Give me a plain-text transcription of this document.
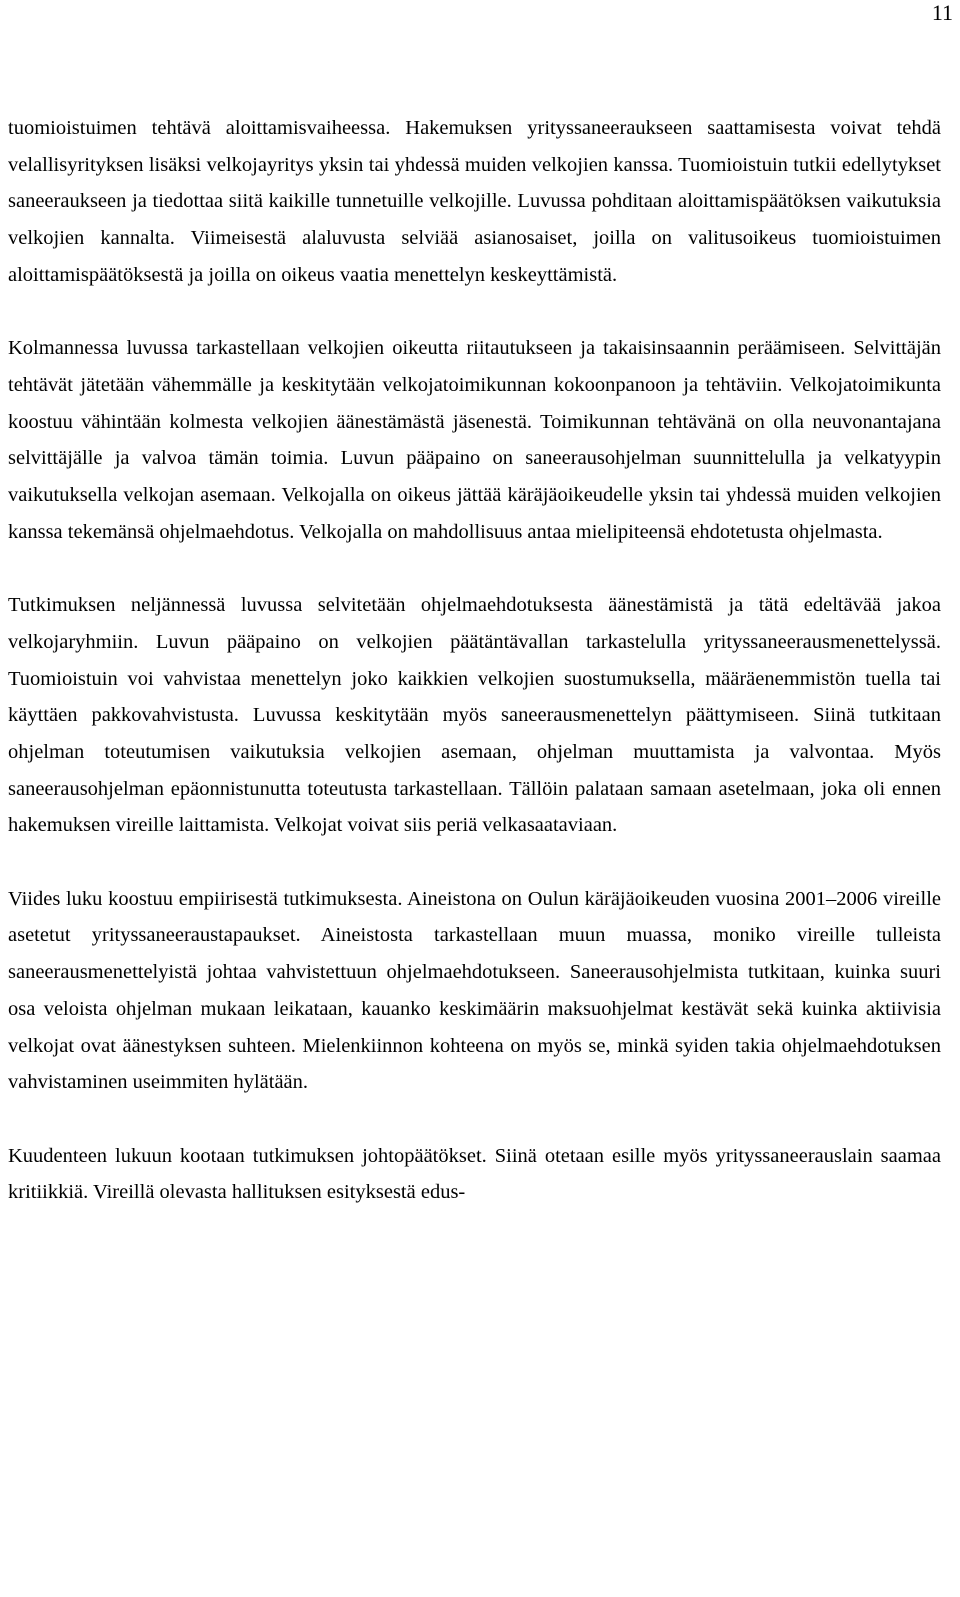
11

tuomioistuimen tehtävä aloittamisvaiheessa. Hakemuksen yrityssaneeraukseen saattamisesta voivat tehdä velallisyrityksen lisäksi velkojayritys yksin tai yhdessä muiden velkojien kanssa. Tuomioistuin tutkii edellytykset saneeraukseen ja tiedottaa siitä kaikille tunnetuille velkojille. Luvussa pohditaan aloittamispäätöksen vaikutuksia velkojien kannalta. Viimeisestä alaluvusta selviää asianosaiset, joilla on valitusoikeus tuomioistuimen aloittamispäätöksestä ja joilla on oikeus vaatia menettelyn keskeyttämistä.

Kolmannessa luvussa tarkastellaan velkojien oikeutta riitautukseen ja takaisinsaannin peräämiseen. Selvittäjän tehtävät jätetään vähemmälle ja keskitytään velkojatoimikunnan kokoonpanoon ja tehtäviin. Velkojatoimikunta koostuu vähintään kolmesta velkojien äänestämästä jäsenestä. Toimikunnan tehtävänä on olla neuvonantajana selvittäjälle ja valvoa tämän toimia. Luvun pääpaino on saneerausohjelman suunnittelulla ja velkatyypin vaikutuksella velkojan asemaan. Velkojalla on oikeus jättää käräjäoikeudelle yksin tai yhdessä muiden velkojien kanssa tekemänsä ohjelmaehdotus. Velkojalla on mahdollisuus antaa mielipiteensä ehdotetusta ohjelmasta.

Tutkimuksen neljännessä luvussa selvitetään ohjelmaehdotuksesta äänestämistä ja tätä edeltävää jakoa velkojaryhmiin. Luvun pääpaino on velkojien päätäntävallan tarkastelulla yrityssaneerausmenettelyssä. Tuomioistuin voi vahvistaa menettelyn joko kaikkien velkojien suostumuksella, määräenemmistön tuella tai käyttäen pakkovahvistusta. Luvussa keskitytään myös saneerausmenettelyn päättymiseen. Siinä tutkitaan ohjelman toteutumisen vaikutuksia velkojien asemaan, ohjelman muuttamista ja valvontaa. Myös saneerausohjelman epäonnistunutta toteutusta tarkastellaan. Tällöin palataan samaan asetelmaan, joka oli ennen hakemuksen vireille laittamista. Velkojat voivat siis periä velkasaataviaan.

Viides luku koostuu empiirisestä tutkimuksesta. Aineistona on Oulun käräjäoikeuden vuosina 2001–2006 vireille asetetut yrityssaneeraustapaukset. Aineistosta tarkastellaan muun muassa, moniko vireille tulleista saneerausmenettelyistä johtaa vahvistettuun ohjelmaehdotukseen. Saneerausohjelmista tutkitaan, kuinka suuri osa veloista ohjelman mukaan leikataan, kauanko keskimäärin maksuohjelmat kestävät sekä kuinka aktiivisia velkojat ovat äänestyksen suhteen. Mielenkiinnon kohteena on myös se, minkä syiden takia ohjelmaehdotuksen vahvistaminen useimmiten hylätään.

Kuudenteen lukuun kootaan tutkimuksen johtopäätökset. Siinä otetaan esille myös yrityssaneerauslain saamaa kritiikkiä. Vireillä olevasta hallituksen esityksestä edus-
